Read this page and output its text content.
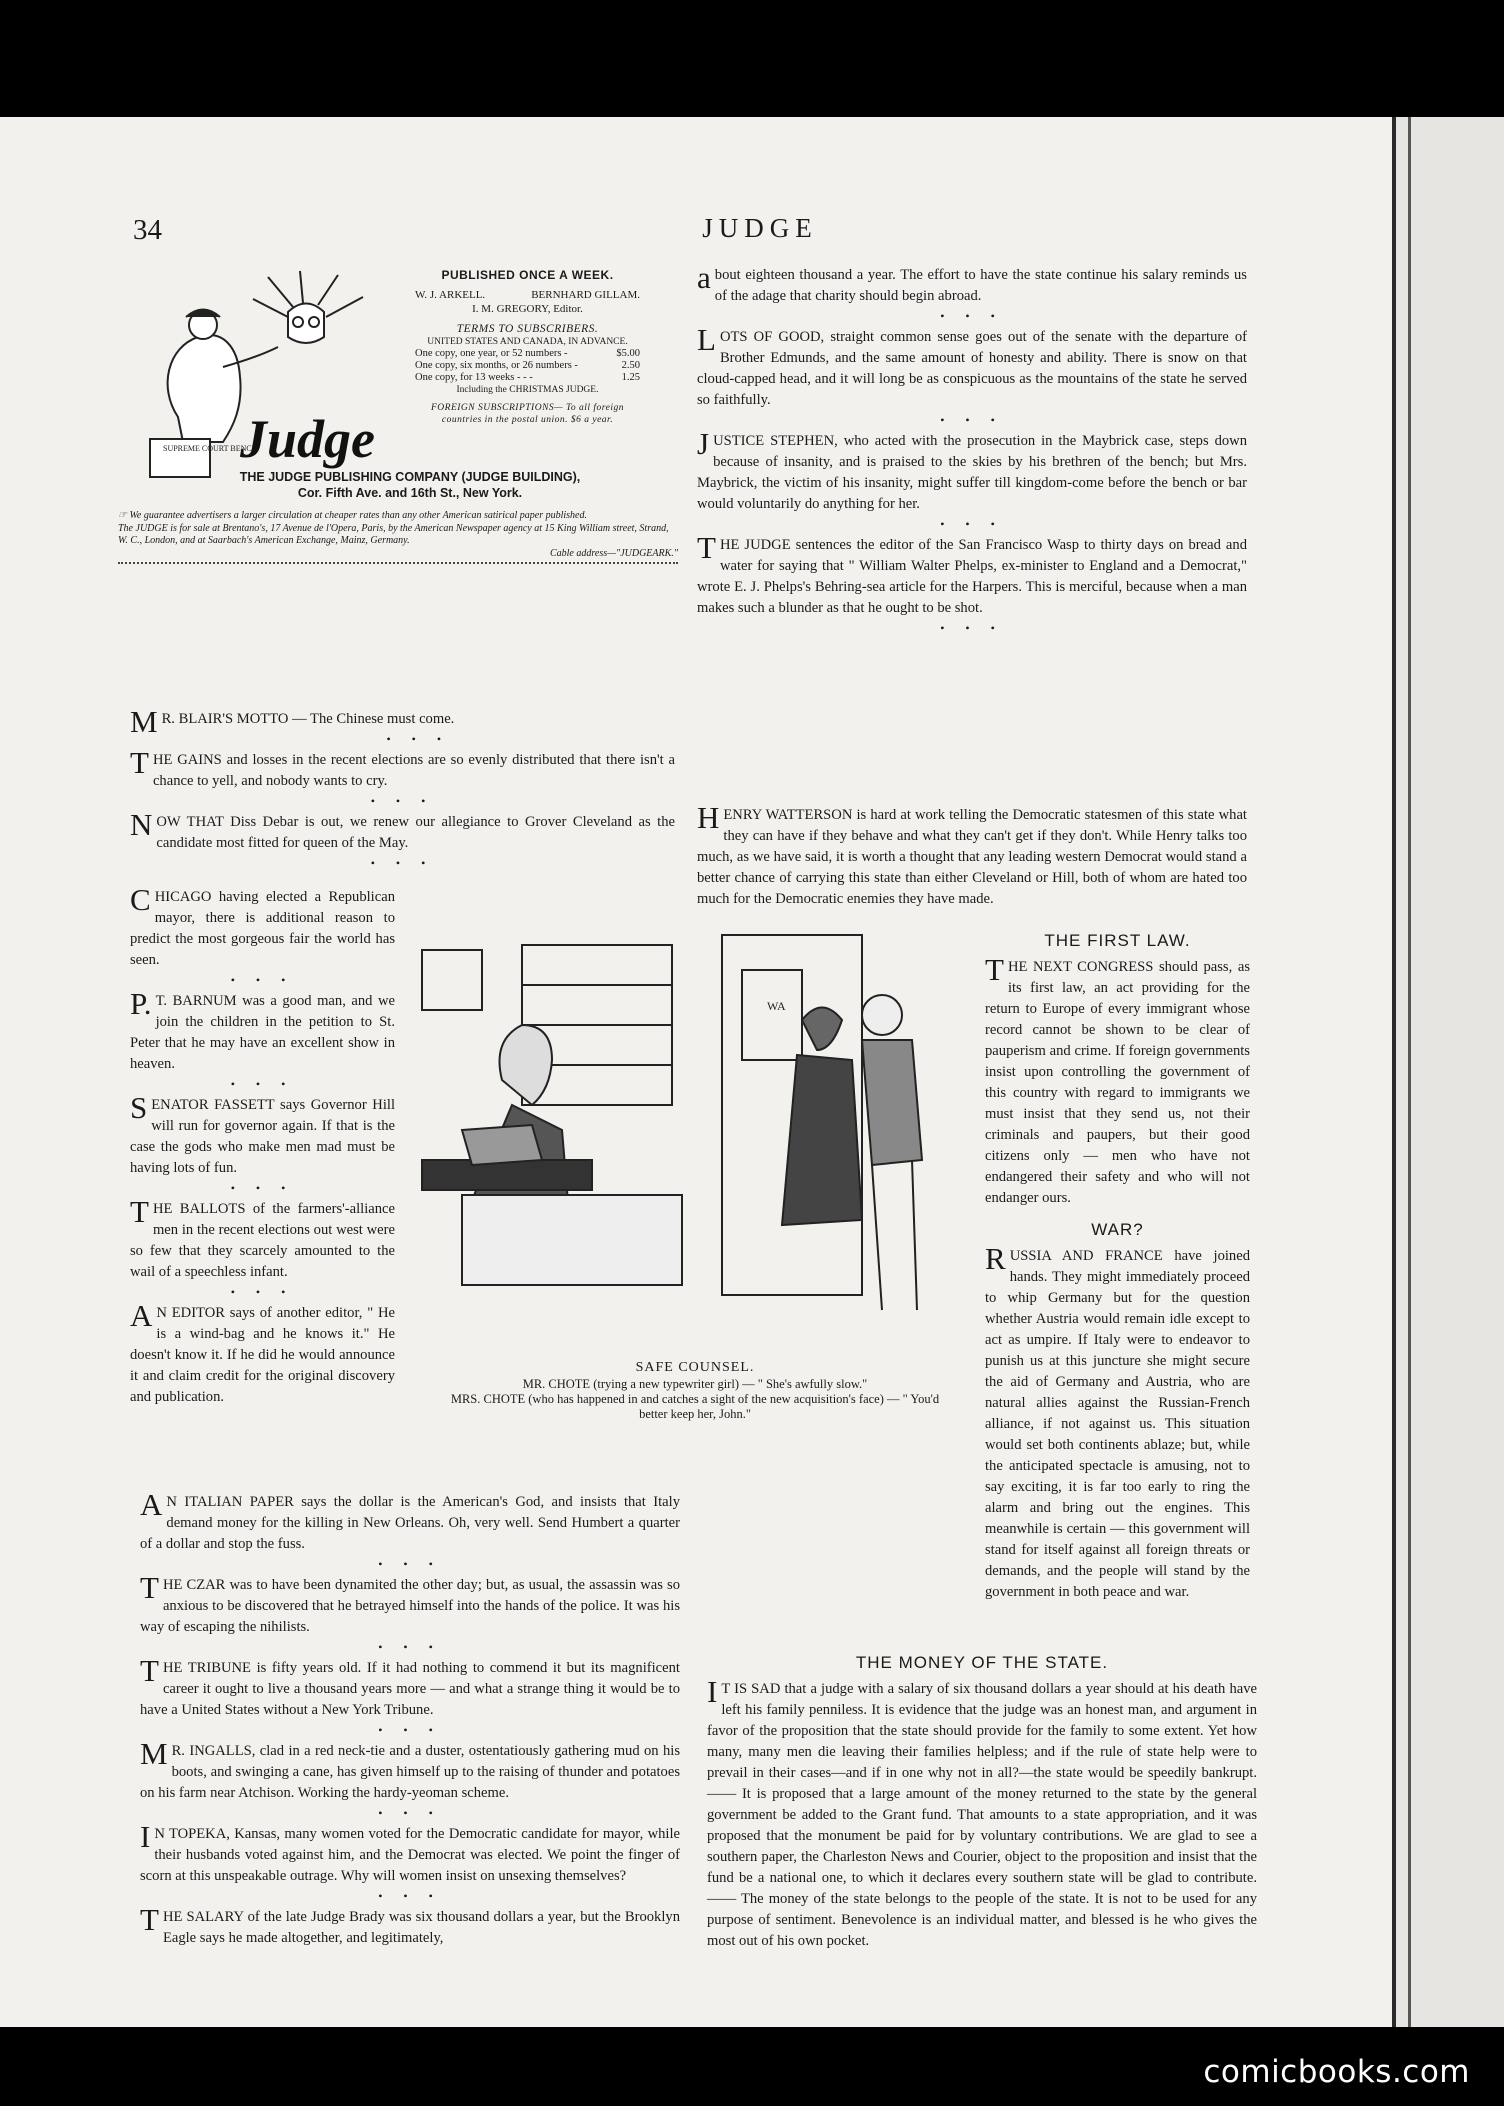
34	JUDGE
SUPREME COURT BENCH
Judge
PUBLISHED ONCE A WEEK.
W. J. ARKELL.	BERNHARD GILLAM.
I. M. GREGORY, Editor.
TERMS TO SUBSCRIBERS.
UNITED STATES AND CANADA, IN ADVANCE.
One copy, one year, or 52 numbers -	$5.00
One copy, six months, or 26 numbers -	2.50
One copy, for 13 weeks - - -	1.25
Including the CHRISTMAS JUDGE.
FOREIGN SUBSCRIPTIONS— To all foreign countries in the postal union. $6 a year.
THE JUDGE PUBLISHING COMPANY (JUDGE BUILDING),
Cor. Fifth Ave. and 16th St., New York.
☞ We guarantee advertisers a larger circulation at cheaper rates than any other American satirical paper published.
The JUDGE is for sale at Brentano's, 17 Avenue de l'Opera, Paris, by the American Newspaper agency at 15 King William street, Strand, W. C., London, and at Saarbach's American Exchange, Mainz, Germany.
Cable address—"JUDGEARK."

MR. BLAIR'S MOTTO — The Chinese must come.

• • •

THE GAINS and losses in the recent elections are so evenly distributed that there isn't a chance to yell, and nobody wants to cry.

• • •

NOW THAT Diss Debar is out, we renew our allegiance to Grover Cleveland as the candidate most fitted for queen of the May.

• • •

CHICAGO having elected a Republican mayor, there is additional reason to predict the most gorgeous fair the world has seen.

• • •

P.T. BARNUM was a good man, and we join the children in the petition to St. Peter that he may have an excellent show in heaven.

• • •

SENATOR FASSETT says Governor Hill will run for governor again. If that is the case the gods who make men mad must be having lots of fun.

• • •

THE BALLOTS of the farmers'-alliance men in the recent elections out west were so few that they scarcely amounted to the wail of a speechless infant.

• • •

AN EDITOR says of another editor, " He is a wind-bag and he knows it." He doesn't know it. If he did he would announce it and claim credit for the original discovery and publication.

AN ITALIAN PAPER says the dollar is the American's God, and insists that Italy demand money for the killing in New Orleans. Oh, very well. Send Humbert a quarter of a dollar and stop the fuss.

• • •

THE CZAR was to have been dynamited the other day; but, as usual, the assassin was so anxious to be discovered that he betrayed himself into the hands of the police. It was his way of escaping the nihilists.

• • •

THE TRIBUNE is fifty years old. If it had nothing to commend it but its magnificent career it ought to live a thousand years more — and what a strange thing it would be to have a United States without a New York Tribune.

• • •

MR. INGALLS, clad in a red neck-tie and a duster, ostentatiously gathering mud on his boots, and swinging a cane, has given himself up to the raising of thunder and potatoes on his farm near Atchison. Working the hardy-yeoman scheme.

• • •

IN TOPEKA, Kansas, many women voted for the Democratic candidate for mayor, while their husbands voted against him, and the Democrat was elected. We point the finger of scorn at this unspeakable outrage. Why will women insist on unsexing themselves?

• • •

THE SALARY of the late Judge Brady was six thousand dollars a year, but the Brooklyn Eagle says he made altogether, and legitimately,

about eighteen thousand a year. The effort to have the state continue his salary reminds us of the adage that charity should begin abroad.

• • •

LOTS OF GOOD, straight common sense goes out of the senate with the departure of Brother Edmunds, and the same amount of honesty and ability. There is snow on that cloud-capped head, and it will long be as conspicuous as the mountains of the state he served so faithfully.

• • •

JUSTICE STEPHEN, who acted with the prosecution in the Maybrick case, steps down because of insanity, and is praised to the skies by his brethren of the bench; but Mrs. Maybrick, the victim of his insanity, might suffer till kingdom-come before the bench or bar would voluntarily do anything for her.

• • •

THE JUDGE sentences the editor of the San Francisco Wasp to thirty days on bread and water for saying that " William Walter Phelps, ex-minister to England and a Democrat," wrote E. J. Phelps's Behring-sea article for the Harpers. This is merciful, because when a man makes such a blunder as that he ought to be shot.

• • •

HENRY WATTERSON is hard at work telling the Democratic statesmen of this state what they can have if they behave and what they can't get if they don't. While Henry talks too much, as we have said, it is worth a thought that any leading western Democrat would stand a better chance of carrying this state than either Cleveland or Hill, both of whom are hated too much for the Democratic enemies they have made.

THE FIRST LAW.

THE NEXT CONGRESS should pass, as its first law, an act providing for the return to Europe of every immigrant whose record cannot be shown to be clear of pauperism and crime. If foreign governments insist upon controlling the government of this country with regard to immigrants we must insist that they send us, not their criminals and paupers, but their good citizens only — men who have not endangered their safety and who will not endanger ours.

WAR?

RUSSIA AND FRANCE have joined hands. They might immediately proceed to whip Germany but for the question whether Austria would remain idle except to act as umpire. If Italy were to endeavor to punish us at this juncture she might secure the aid of Germany and Austria, who are natural allies against the Russian-French alliance, if not against us. This situation would set both continents ablaze; but, while the anticipated spectacle is amusing, not to say exciting, it is far too early to ring the alarm and bring out the engines. This meanwhile is certain — this government will stand for itself against all foreign threats or demands, and the people will stand by the government in both peace and war.

THE MONEY OF THE STATE.

IT IS SAD that a judge with a salary of six thousand dollars a year should at his death have left his family penniless. It is evidence that the judge was an honest man, and argument in favor of the proposition that the state should provide for the family to some extent. Yet how many, many men die leaving their families helpless; and if the rule of state help were to prevail in their cases—and if in one why not in all?—the state would be speedily bankrupt. —— It is proposed that a large amount of the money returned to the state by the general government be added to the Grant fund. That amounts to a state appropriation, and it was proposed that the monument be paid for by voluntary contributions. We are glad to see a southern paper, the Charleston News and Courier, object to the proposition and insist that the fund be a national one, to which it declares every southern state will be glad to contribute. —— The money of the state belongs to the people of the state. It is not to be used for any purpose of sentiment. Benevolence is an individual matter, and blessed is he who gives the most out of his own pocket.

WA
SAFE COUNSEL.
MR. CHOTE (trying a new typewriter girl) — " She's awfully slow."
MRS. CHOTE (who has happened in and catches a sight of the new acquisition's face) — " You'd better keep her, John."
comicbooks.com
